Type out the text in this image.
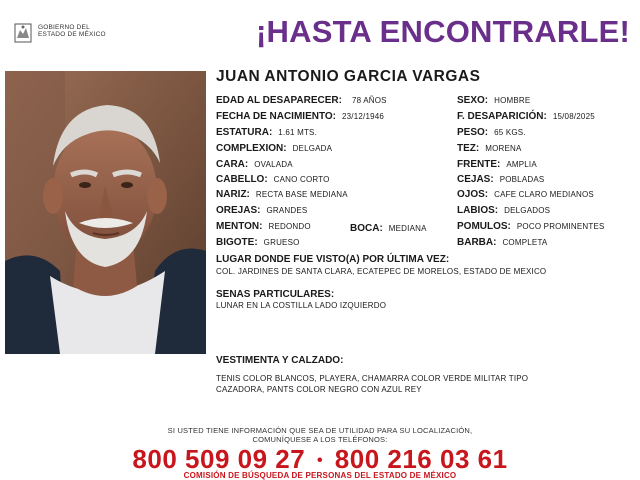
GOBIERNO DEL
ESTADO DE MÉXICO	¡HASTA ENCONTRARLE!
JUAN ANTONIO GARCIA VARGAS
EDAD AL DESAPARECER: 78 AÑOS
FECHA DE NACIMIENTO: 23/12/1946
ESTATURA: 1.61 MTS.
COMPLEXION: DELGADA
CARA: OVALADA
CABELLO: CANO CORTO
NARIZ: RECTA BASE MEDIANA
OREJAS: GRANDES
MENTON: REDONDO
BIGOTE: GRUESO
BOCA: MEDIANA
SEXO: HOMBRE
F. DESAPARICIÓN: 15/08/2025
PESO: 65 KGS.
TEZ: MORENA
FRENTE: AMPLIA
CEJAS: POBLADAS
OJOS: CAFE CLARO MEDIANOS
LABIOS: DELGADOS
POMULOS: POCO PROMINENTES
BARBA: COMPLETA
LUGAR DONDE FUE VISTO(A) POR ÚLTIMA VEZ:
COL. JARDINES DE SANTA CLARA, ECATEPEC DE MORELOS, ESTADO DE MEXICO
SENAS PARTICULARES:
LUNAR EN LA COSTILLA LADO IZQUIERDO
VESTIMENTA Y CALZADO:
TENIS COLOR BLANCOS, PLAYERA, CHAMARRA COLOR VERDE MILITAR TIPO
CAZADORA, PANTS COLOR NEGRO CON AZUL REY
SI USTED TIENE INFORMACIÓN QUE SEA DE UTILIDAD PARA SU LOCALIZACIÓN,
COMUNÍQUESE A LOS TELÉFONOS:
800 509 09 27 • 800 216 03 61
COMISIÓN DE BÚSQUEDA DE PERSONAS DEL ESTADO DE MÉXICO
